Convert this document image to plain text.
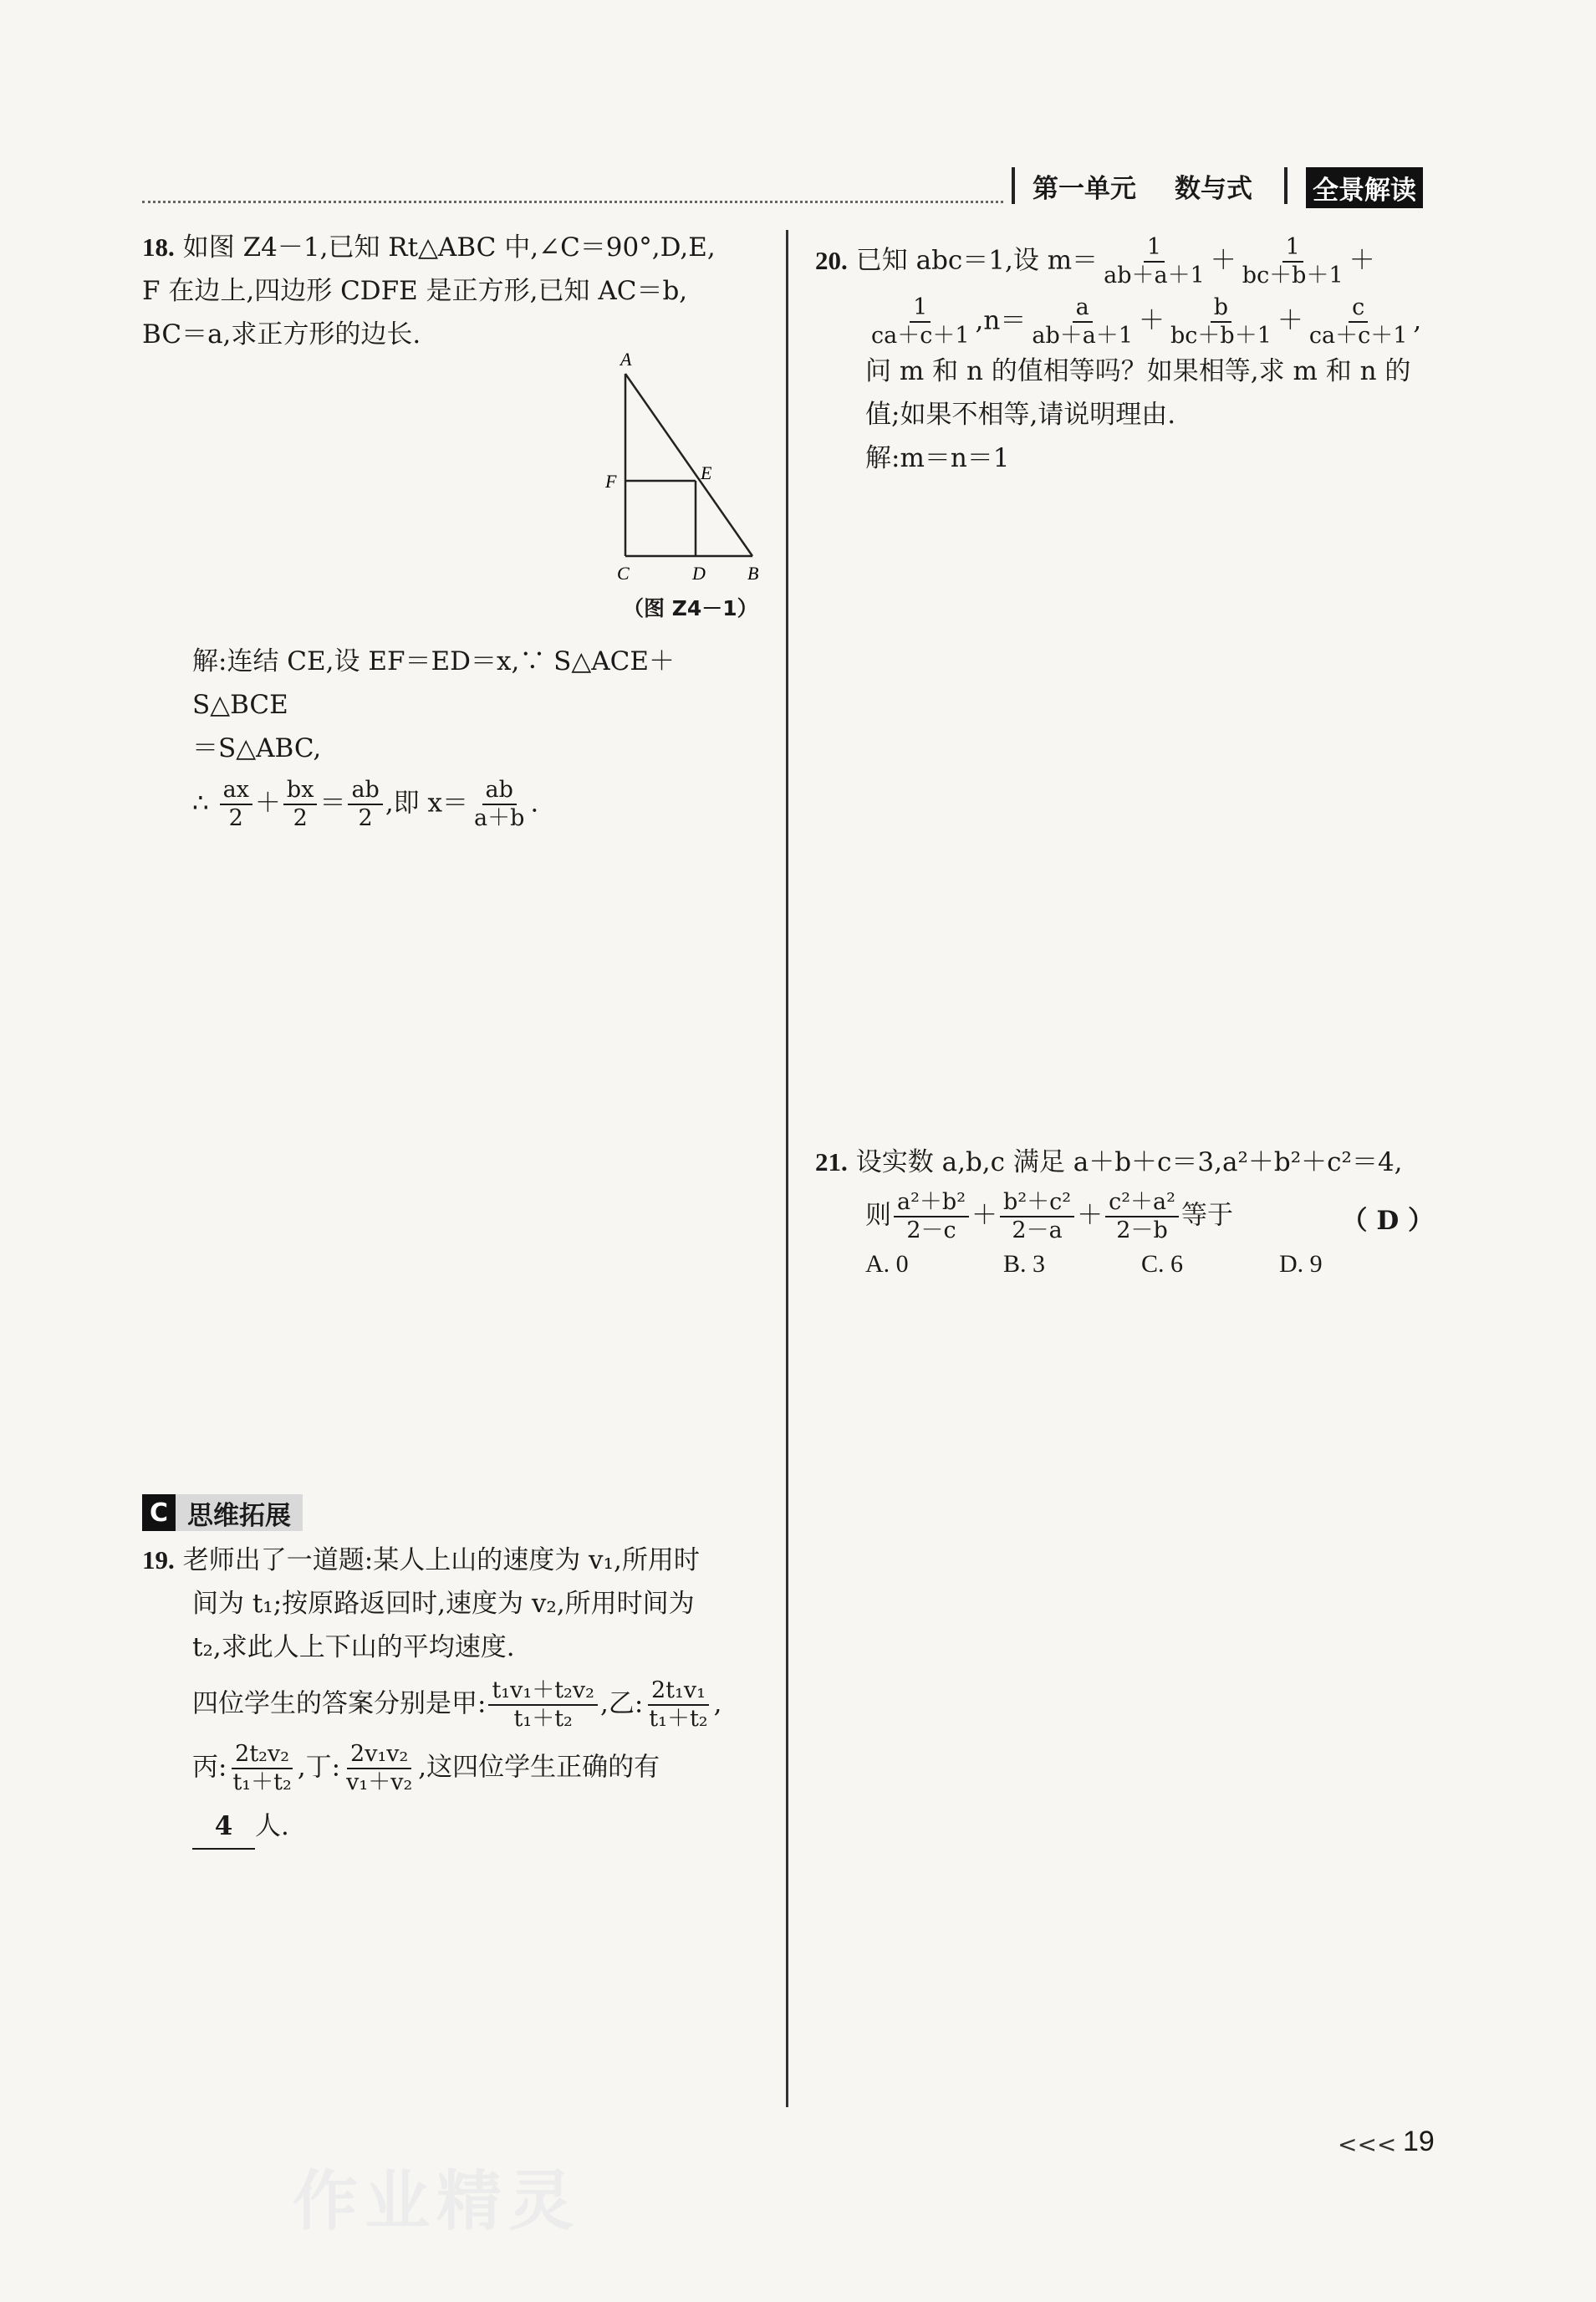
第一单元 数与式 全景解读
18. 如图 Z4－1,已知 Rt△ABC 中,∠C＝90°,D,E,
F 在边上,四边形 CDFE 是正方形,已知 AC＝b,
BC＝a,求正方形的边长.
A
F	E
C	D B
（图 Z4－1）
解:连结 CE,设 EF＝ED＝x,∵ S△ACE＋S△BCE
＝S△ABC,
∴ $\frac{ax}{2} + \frac{bx}{2} = \frac{ab}{2}$ ,即 $x= \frac{ab}{a+b}$ .
C 思维拓展
19. 老师出了一道题:某人上山的速度为 v₁,所用时
间为 t₁;按原路返回时,速度为 v₂,所用时间为
t₂,求此人上下山的平均速度.
四位学生的答案分别是甲: $\frac{\text{t₁v₁＋t₂v₂}}{\text{t₁＋t₂}}$ ,乙: $\frac{\text{2t₁v₁}}{\text{t₁＋t₂}}$ ,
丙: $\frac{\text{2t₂v₂}}{\text{t₁＋t₂}}$ ,丁: $\frac{\text{2v₁v₂}}{\text{v₁＋v₂}}$ ,这四位学生正确的有
4 人.
20. 已知 abc＝1,设 $m= \frac{1}{ab+a+1} + \frac{1}{bc+b+1}$ ＋
$\frac{1}{ca+c+1} ,n= \frac{a}{ab+a+1} + \frac{b}{bc+b+1} + \frac{c}{ca+c+1}$ ,
问 m 和 n 的值相等吗？如果相等,求 m 和 n 的
值;如果不相等,请说明理由.
解:m＝n＝1
21. 设实数 a,b,c 满足 a＋b＋c＝3,a²＋b²＋c²＝4,
则 $\frac{\text{a²＋b²}}{2-c} + \frac{\text{b²＋c²}}{2-a} + \frac{\text{c²＋a²}}{2-b}$ 等于	（ D ）
A. 0	B. 3	C. 6	D. 9
作业精灵
<<< 19
